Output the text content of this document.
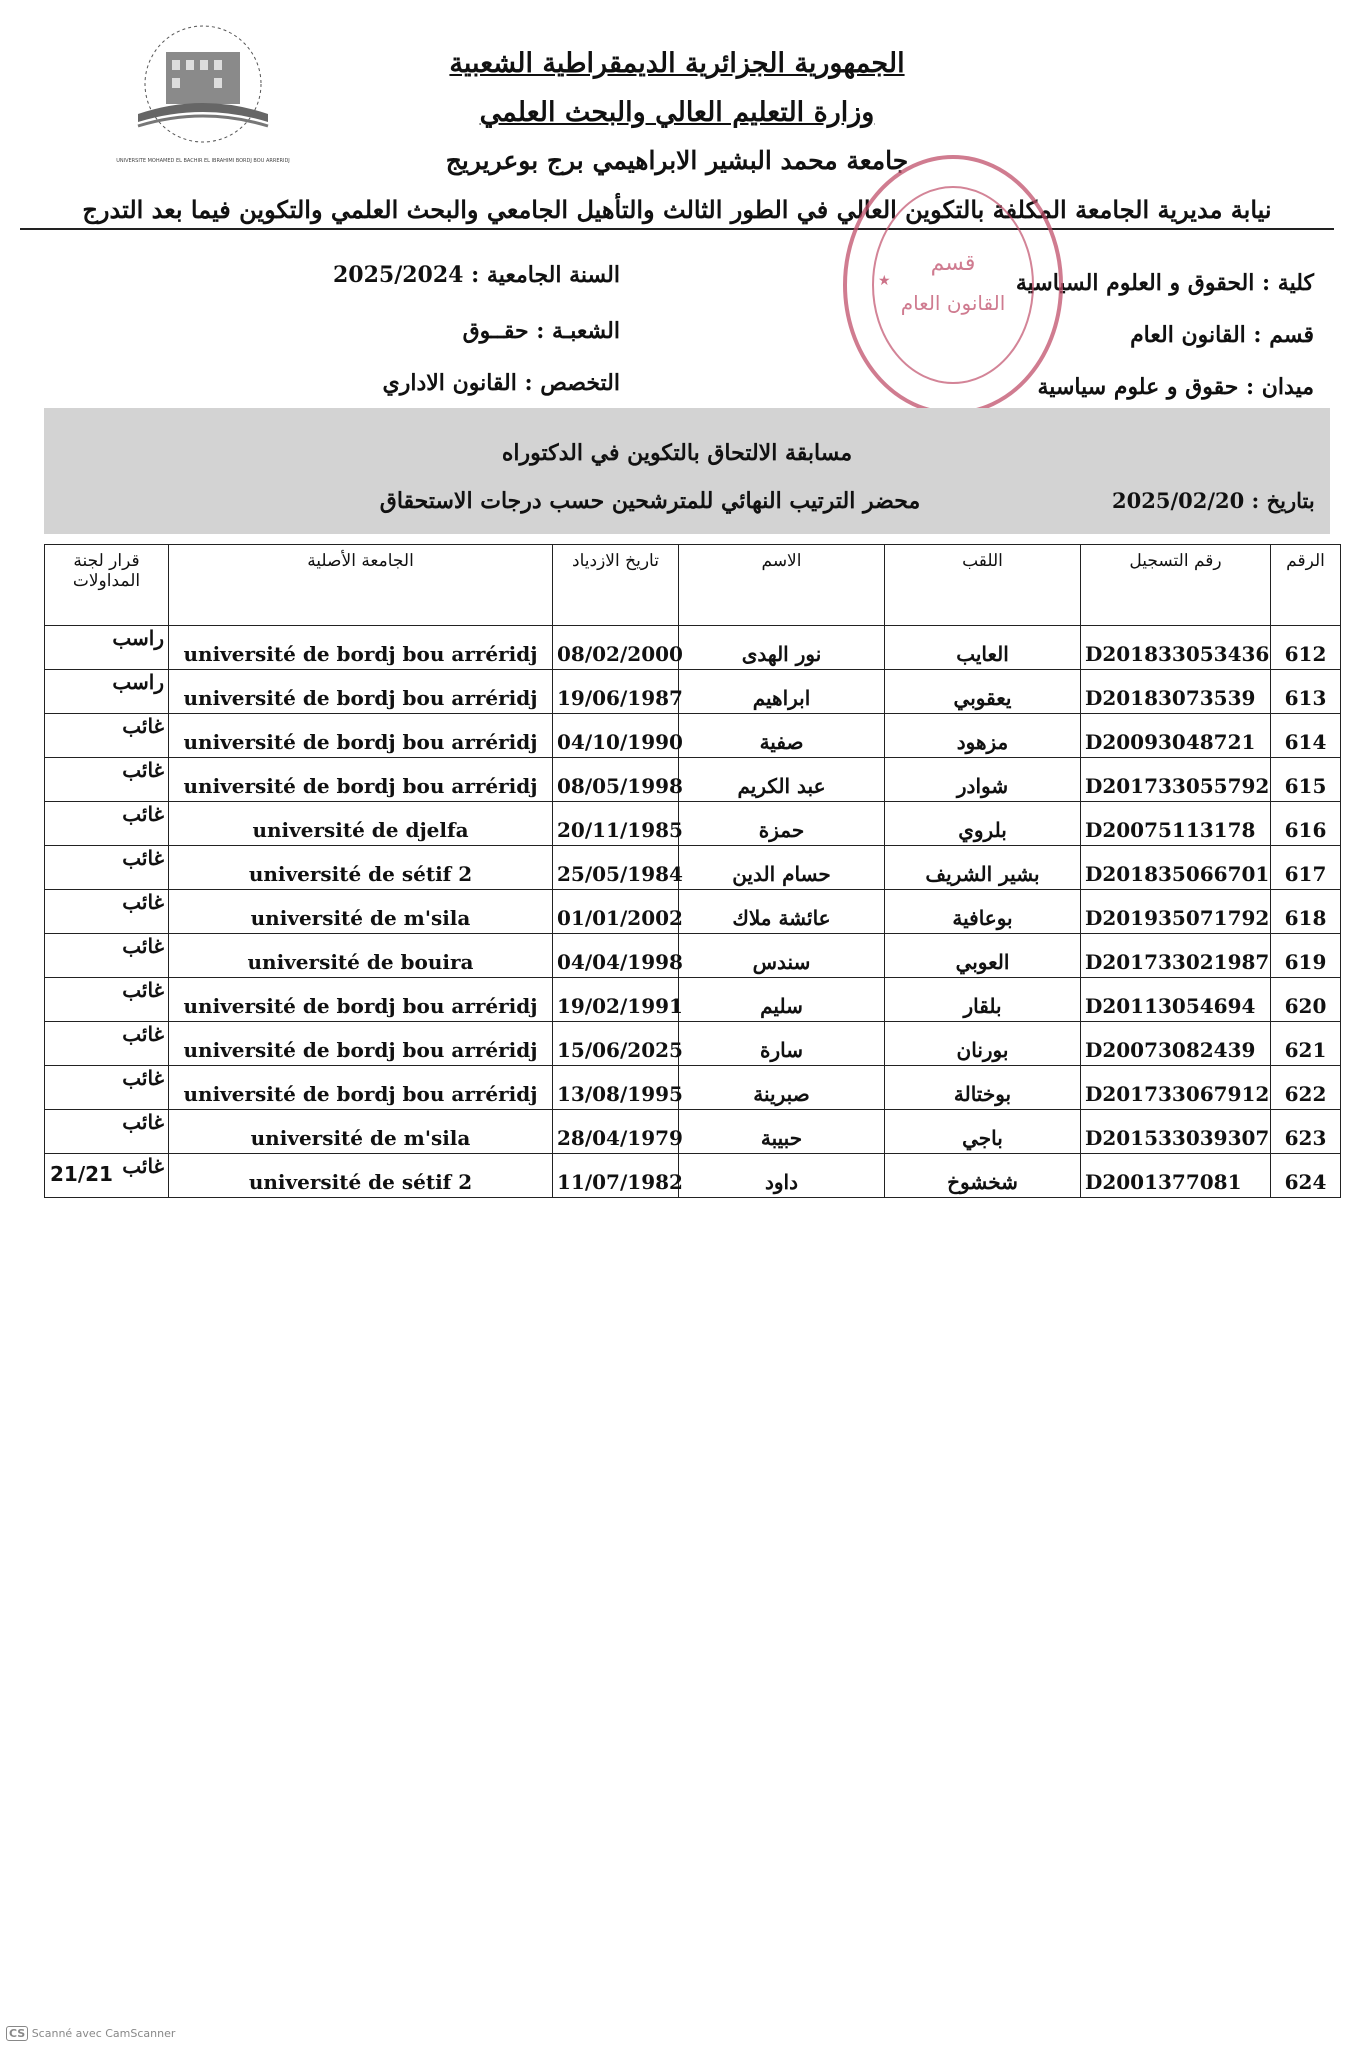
UNIVERSITE MOHAMED EL BACHIR EL IBRAHIMI BORDJ BOU ARRERIDJ
الجمهورية الجزائرية الديمقراطية الشعبية
وزارة التعليم العالي والبحث العلمي
جامعة محمد البشير الابراهيمي برج بوعريريج
نيابة مديرية الجامعة المكلفة بالتكوين العالي في الطور الثالث والتأهيل الجامعي والبحث العلمي والتكوين فيما بعد التدرج
كلية : الحقوق و العلوم السياسية
قسم : القانون العام
ميدان : حقوق و علوم سياسية
السنة الجامعية : 2025/2024
الشعبـة : حقــوق
التخصص : القانون الاداري
قسم
القانون العام
★
مسابقة الالتحاق بالتكوين في الدكتوراه
محضر الترتيب النهائي للمترشحين حسب درجات الاستحقاق	بتاريخ : 2025/02/20
الرقم	رقم التسجيل	اللقب	الاسم	تاريخ الازدياد	الجامعة الأصلية	قرار لجنة المداولات
612	D201833053436	العايب	نور الهدى	08/02/2000	université de bordj bou arréridj	راسب
613	D20183073539	يعقوبي	ابراهيم	19/06/1987	université de bordj bou arréridj	راسب
614	D20093048721	مزهود	صفية	04/10/1990	université de bordj bou arréridj	غائب
615	D201733055792	شوادر	عبد الكريم	08/05/1998	université de bordj bou arréridj	غائب
616	D20075113178	بلروي	حمزة	20/11/1985	université de djelfa	غائب
617	D201835066701	بشير الشريف	حسام الدين	25/05/1984	université de sétif 2	غائب
618	D201935071792	بوعافية	عائشة ملاك	01/01/2002	université de m'sila	غائب
619	D201733021987	العوبي	سندس	04/04/1998	université de bouira	غائب
620	D20113054694	بلقار	سليم	19/02/1991	université de bordj bou arréridj	غائب
621	D20073082439	بورنان	سارة	15/06/2025	université de bordj bou arréridj	غائب
622	D201733067912	بوختالة	صبرينة	13/08/1995	université de bordj bou arréridj	غائب
623	D201533039307	باجي	حبيبة	28/04/1979	université de m'sila	غائب
624	D2001377081	شخشوخ	داود	11/07/1982	université de sétif 2	غائب
21/21
CS Scanné avec CamScanner
